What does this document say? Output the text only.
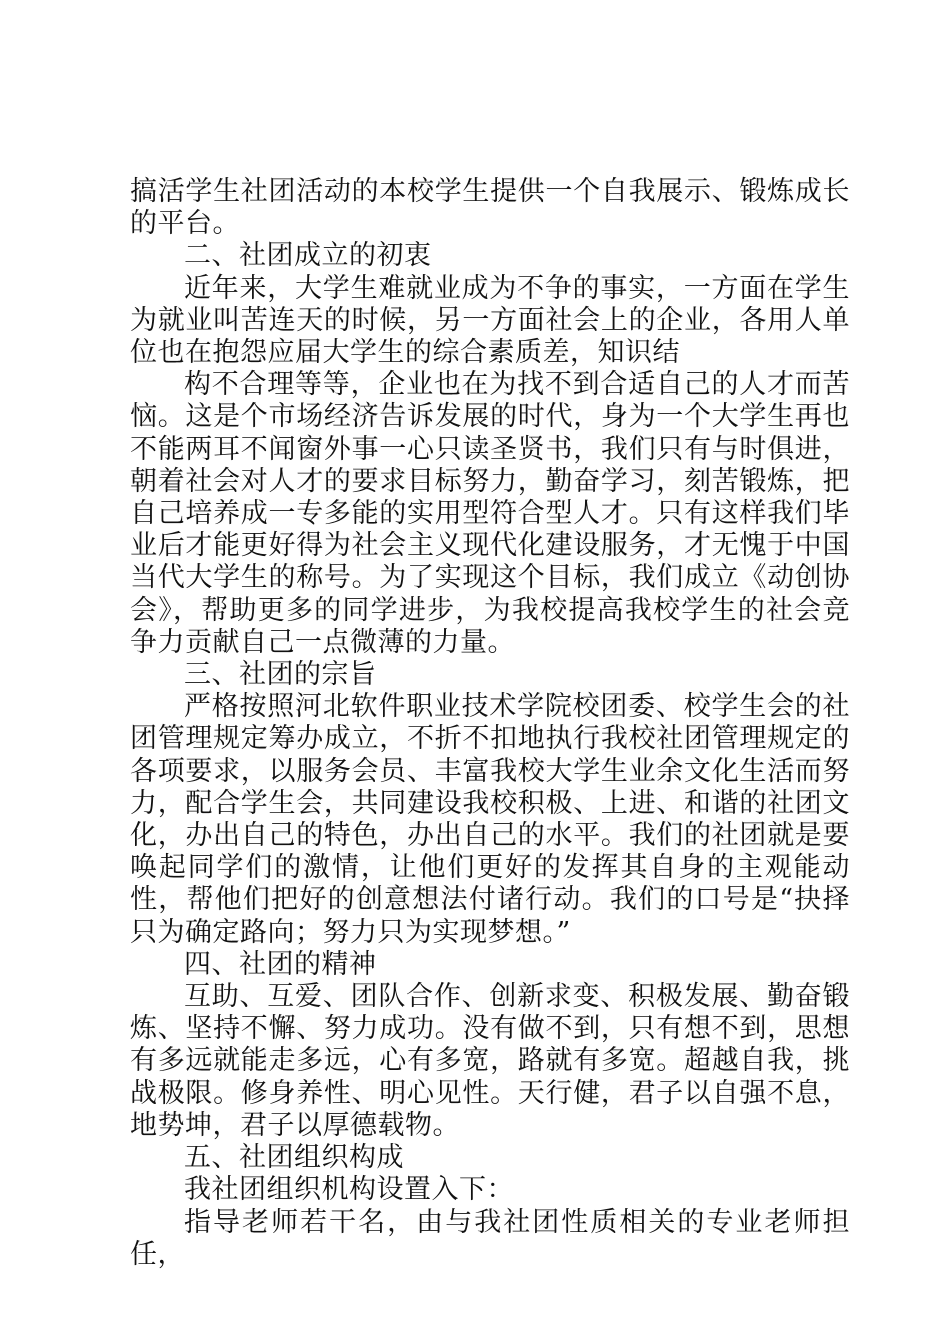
搞活学生社团活动的本校学生提供一个自我展示、锻炼成长的平台。

二、社团成立的初衷

近年来，大学生难就业成为不争的事实，一方面在学生为就业叫苦连天的时候，另一方面社会上的企业，各用人单位也在抱怨应届大学生的综合素质差，知识结

构不合理等等，企业也在为找不到合适自己的人才而苦恼。这是个市场经济告诉发展的时代，身为一个大学生再也不能两耳不闻窗外事一心只读圣贤书，我们只有与时俱进，朝着社会对人才的要求目标努力，勤奋学习，刻苦锻炼，把自己培养成一专多能的实用型符合型人才。只有这样我们毕业后才能更好得为社会主义现代化建设服务，才无愧于中国当代大学生的称号。为了实现这个目标，我们成立《动创协会》，帮助更多的同学进步，为我校提高我校学生的社会竞争力贡献自己一点微薄的力量。

三、社团的宗旨

严格按照河北软件职业技术学院校团委、校学生会的社团管理规定筹办成立，不折不扣地执行我校社团管理规定的各项要求，以服务会员、丰富我校大学生业余文化生活而努力，配合学生会，共同建设我校积极、上进、和谐的社团文化，办出自己的特色，办出自己的水平。我们的社团就是要唤起同学们的激情，让他们更好的发挥其自身的主观能动性，帮他们把好的创意想法付诸行动。我们的口号是“抉择只为确定路向；努力只为实现梦想。”

四、社团的精神

互助、互爱、团队合作、创新求变、积极发展、勤奋锻炼、坚持不懈、努力成功。没有做不到，只有想不到，思想有多远就能走多远，心有多宽，路就有多宽。超越自我，挑战极限。修身养性、明心见性。天行健，君子以自强不息，地势坤，君子以厚德载物。

五、社团组织构成

我社团组织机构设置入下：

指导老师若干名，由与我社团性质相关的专业老师担任，
